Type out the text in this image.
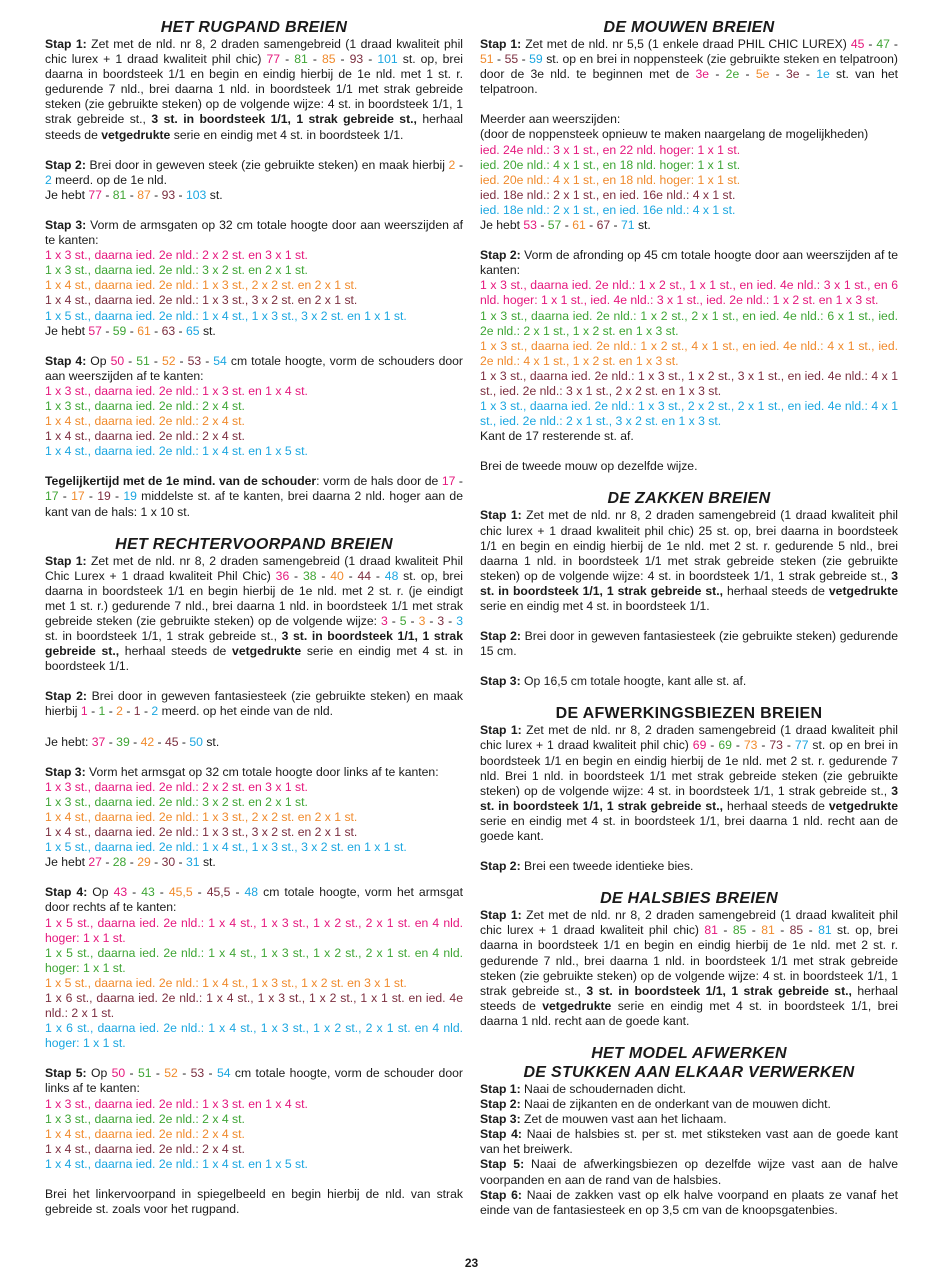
HET RUGPAND BREIEN
Stap 1: Zet met de nld. nr 8, 2 draden samengebreid (1 draad kwaliteit phil chic lurex + 1 draad kwaliteit phil chic) 77 - 81 - 85 - 93 - 101 st. op, brei daarna in boordsteek 1/1 en begin en eindig hierbij de 1e nld. met 1 st. r. gedurende 7 nld., brei daarna 1 nld. in boordsteek 1/1 met strak gebreide steken (zie gebruikte steken) op de volgende wijze: 4 st. in boordsteek 1/1, 1 strak gebreide st., 3 st. in boordsteek 1/1, 1 strak gebreide st., herhaal steeds de vetgedrukte serie en eindig met 4 st. in boordsteek 1/1.
Stap 2: Brei door in geweven steek (zie gebruikte steken) en maak hierbij 2 - 2 meerd. op de 1e nld.
Je hebt 77 - 81 - 87 - 93 - 103 st.
Stap 3: Vorm de armsgaten op 32 cm totale hoogte door aan weerszijden af te kanten:
1 x 3 st., daarna ied. 2e nld.: 2 x 2 st. en 3 x 1 st.
1 x 3 st., daarna ied. 2e nld.: 3 x 2 st. en 2 x 1 st.
1 x 4 st., daarna ied. 2e nld.: 1 x 3 st., 2 x 2 st. en 2 x 1 st.
1 x 4 st., daarna ied. 2e nld.: 1 x 3 st., 3 x 2 st. en 2 x 1 st.
1 x 5 st., daarna ied. 2e nld.: 1 x 4 st., 1 x 3 st., 3 x 2 st. en 1 x 1 st.
Je hebt 57 - 59 - 61 - 63 - 65 st.
Stap 4: Op 50 - 51 - 52 - 53 - 54 cm totale hoogte, vorm de schouders door aan weerszijden af te kanten:
1 x 3 st., daarna ied. 2e nld.: 1 x 3 st. en 1 x 4 st.
1 x 3 st., daarna ied. 2e nld.: 2 x 4 st.
1 x 4 st., daarna ied. 2e nld.: 2 x 4 st.
1 x 4 st., daarna ied. 2e nld.: 2 x 4 st.
1 x 4 st., daarna ied. 2e nld.: 1 x 4 st. en 1 x 5 st.
Tegelijkertijd met de 1e mind. van de schouder: vorm de hals door de 17 - 17 - 17 - 19 - 19 middelste st. af te kanten, brei daarna 2 nld. hoger aan de kant van de hals: 1 x 10 st.
HET RECHTERVOORPAND BREIEN
Stap 1: Zet met de nld. nr 8, 2 draden samengebreid (1 draad kwaliteit Phil Chic Lurex + 1 draad kwaliteit Phil Chic) 36 - 38 - 40 - 44 - 48 st. op, brei daarna in boordsteek 1/1 en begin hierbij de 1e nld. met 2 st. r. (je eindigt met 1 st. r.) gedurende 7 nld., brei daarna 1 nld. in boordsteek 1/1 met strak gebreide steken (zie gebruikte steken) op de volgende wijze: 3 - 5 - 3 - 3 - 3 st. in boordsteek 1/1, 1 strak gebreide st., 3 st. in boordsteek 1/1, 1 strak gebreide st., herhaal steeds de vetgedrukte serie en eindig met 4 st. in boordsteek 1/1.
Stap 2: Brei door in geweven fantasiesteek (zie gebruikte steken) en maak hierbij 1 - 1 - 2 - 1 - 2 meerd. op het einde van de nld.
Je hebt: 37 - 39 - 42 - 45 - 50 st.
Stap 3: Vorm het armsgat op 32 cm totale hoogte door links af te kanten:
1 x 3 st., daarna ied. 2e nld.: 2 x 2 st. en 3 x 1 st.
1 x 3 st., daarna ied. 2e nld.: 3 x 2 st. en 2 x 1 st.
1 x 4 st., daarna ied. 2e nld.: 1 x 3 st., 2 x 2 st. en 2 x 1 st.
1 x 4 st., daarna ied. 2e nld.: 1 x 3 st., 3 x 2 st. en 2 x 1 st.
1 x 5 st., daarna ied. 2e nld.: 1 x 4 st., 1 x 3 st., 3 x 2 st. en 1 x 1 st.
Je hebt 27 - 28 - 29 - 30 - 31 st.
Stap 4: Op 43 - 43 - 45,5 - 45,5 - 48 cm totale hoogte, vorm het armsgat door rechts af te kanten:
1 x 5 st., daarna ied. 2e nld.: 1 x 4 st., 1 x 3 st., 1 x 2 st., 2 x 1 st. en 4 nld. hoger: 1 x 1 st.
1 x 5 st., daarna ied. 2e nld.: 1 x 4 st., 1 x 3 st., 1 x 2 st., 2 x 1 st. en 4 nld. hoger: 1 x 1 st.
1 x 5 st., daarna ied. 2e nld.: 1 x 4 st., 1 x 3 st., 1 x 2 st. en 3 x 1 st.
1 x 6 st., daarna ied. 2e nld.: 1 x 4 st., 1 x 3 st., 1 x 2 st., 1 x 1 st. en ied. 4e nld.: 2 x 1 st.
1 x 6 st., daarna ied. 2e nld.: 1 x 4 st., 1 x 3 st., 1 x 2 st., 2 x 1 st. en 4 nld. hoger: 1 x 1 st.
Stap 5: Op 50 - 51 - 52 - 53 - 54 cm totale hoogte, vorm de schouder door links af te kanten:
1 x 3 st., daarna ied. 2e nld.: 1 x 3 st. en 1 x 4 st.
1 x 3 st., daarna ied. 2e nld.: 2 x 4 st.
1 x 4 st., daarna ied. 2e nld.: 2 x 4 st.
1 x 4 st., daarna ied. 2e nld.: 2 x 4 st.
1 x 4 st., daarna ied. 2e nld.: 1 x 4 st. en 1 x 5 st.
Brei het linkervoorpand in spiegelbeeld en begin hierbij de nld. van strak gebreide st. zoals voor het rugpand.
DE MOUWEN BREIEN
Stap 1: Zet met de nld. nr 5,5 (1 enkele draad PHIL CHIC LUREX) 45 - 47 - 51 - 55 - 59 st. op en brei in noppensteek (zie gebruikte steken en telpatroon) door de 3e nld. te beginnen met de 3e - 2e - 5e - 3e - 1e st. van het telpatroon.
Meerder aan weerszijden:
(door de noppensteek opnieuw te maken naargelang de mogelijkheden)
ied. 24e nld.: 3 x 1 st., en 22 nld. hoger: 1 x 1 st.
ied. 20e nld.: 4 x 1 st., en 18 nld. hoger: 1 x 1 st.
ied. 20e nld.: 4 x 1 st., en 18 nld. hoger: 1 x 1 st.
ied. 18e nld.: 2 x 1 st., en ied. 16e nld.: 4 x 1 st.
ied. 18e nld.: 2 x 1 st., en ied. 16e nld.: 4 x 1 st.
Je hebt 53 - 57 - 61 - 67 - 71 st.
Stap 2: Vorm de afronding op 45 cm totale hoogte door aan weerszijden af te kanten:
1 x 3 st., daarna ied. 2e nld.: 1 x 2 st., 1 x 1 st., en ied. 4e nld.: 3 x 1 st., en 6 nld. hoger: 1 x 1 st., ied. 4e nld.: 3 x 1 st., ied. 2e nld.: 1 x 2 st. en 1 x 3 st.
1 x 3 st., daarna ied. 2e nld.: 1 x 2 st., 2 x 1 st., en ied. 4e nld.: 6 x 1 st., ied. 2e nld.: 2 x 1 st., 1 x 2 st. en 1 x 3 st.
1 x 3 st., daarna ied. 2e nld.: 1 x 2 st., 4 x 1 st., en ied. 4e nld.: 4 x 1 st., ied. 2e nld.: 4 x 1 st., 1 x 2 st. en 1 x 3 st.
1 x 3 st., daarna ied. 2e nld.: 1 x 3 st., 1 x 2 st., 3 x 1 st., en ied. 4e nld.: 4 x 1 st., ied. 2e nld.: 3 x 1 st., 2 x 2 st. en 1 x 3 st.
1 x 3 st., daarna ied. 2e nld.: 1 x 3 st., 2 x 2 st., 2 x 1 st., en ied. 4e nld.: 4 x 1 st., ied. 2e nld.: 2 x 1 st., 3 x 2 st. en 1 x 3 st.
Kant de 17 resterende st. af.
Brei de tweede mouw op dezelfde wijze.
DE ZAKKEN BREIEN
Stap 1: Zet met de nld. nr 8, 2 draden samengebreid (1 draad kwaliteit phil chic lurex + 1 draad kwaliteit phil chic) 25 st. op, brei daarna in boordsteek 1/1 en begin en eindig hierbij de 1e nld. met 2 st. r. gedurende 5 nld., brei daarna 1 nld. in boordsteek 1/1 met strak gebreide steken (zie gebruikte steken) op de volgende wijze: 4 st. in boordsteek 1/1, 1 strak gebreide st., 3 st. in boordsteek 1/1, 1 strak gebreide st., herhaal steeds de vetgedrukte serie en eindig met 4 st. in boordsteek 1/1.
Stap 2: Brei door in geweven fantasiesteek (zie gebruikte steken) gedurende 15 cm.
Stap 3: Op 16,5 cm totale hoogte, kant alle st. af.
DE AFWERKINGSBIEZEN BREIEN
Stap 1: Zet met de nld. nr 8, 2 draden samengebreid (1 draad kwaliteit phil chic lurex + 1 draad kwaliteit phil chic) 69 - 69 - 73 - 73 - 77 st. op en brei in boordsteek 1/1 en begin en eindig hierbij de 1e nld. met 2 st. r. gedurende 7 nld. Brei 1 nld. in boordsteek 1/1 met strak gebreide steken (zie gebruikte steken) op de volgende wijze: 4 st. in boordsteek 1/1, 1 strak gebreide st., 3 st. in boordsteek 1/1, 1 strak gebreide st., herhaal steeds de vetgedrukte serie en eindig met 4 st. in boordsteek 1/1, brei daarna 1 nld. recht aan de goede kant.
Stap 2: Brei een tweede identieke bies.
DE HALSBIES BREIEN
Stap 1: Zet met de nld. nr 8, 2 draden samengebreid (1 draad kwaliteit phil chic lurex + 1 draad kwaliteit phil chic) 81 - 85 - 81 - 85 - 81 st. op, brei daarna in boordsteek 1/1 en begin en eindig hierbij de 1e nld. met 2 st. r. gedurende 7 nld., brei daarna 1 nld. in boordsteek 1/1 met strak gebreide steken (zie gebruikte steken) op de volgende wijze: 4 st. in boordsteek 1/1, 1 strak gebreide st., 3 st. in boordsteek 1/1, 1 strak gebreide st., herhaal steeds de vetgedrukte serie en eindig met 4 st. in boordsteek 1/1, brei daarna 1 nld. recht aan de goede kant.
HET MODEL AFWERKEN
DE STUKKEN AAN ELKAAR VERWERKEN
Stap 1: Naai de schoudernaden dicht.
Stap 2: Naai de zijkanten en de onderkant van de mouwen dicht.
Stap 3: Zet de mouwen vast aan het lichaam.
Stap 4: Naai de halsbies st. per st. met stiksteken vast aan de goede kant van het breiwerk.
Stap 5: Naai de afwerkingsbiezen op dezelfde wijze vast aan de halve voorpanden en aan de rand van de halsbies.
Stap 6: Naai de zakken vast op elk halve voorpand en plaats ze vanaf het einde van de fantasiesteek en op 3,5 cm van de knoopsgatenbies.
23
